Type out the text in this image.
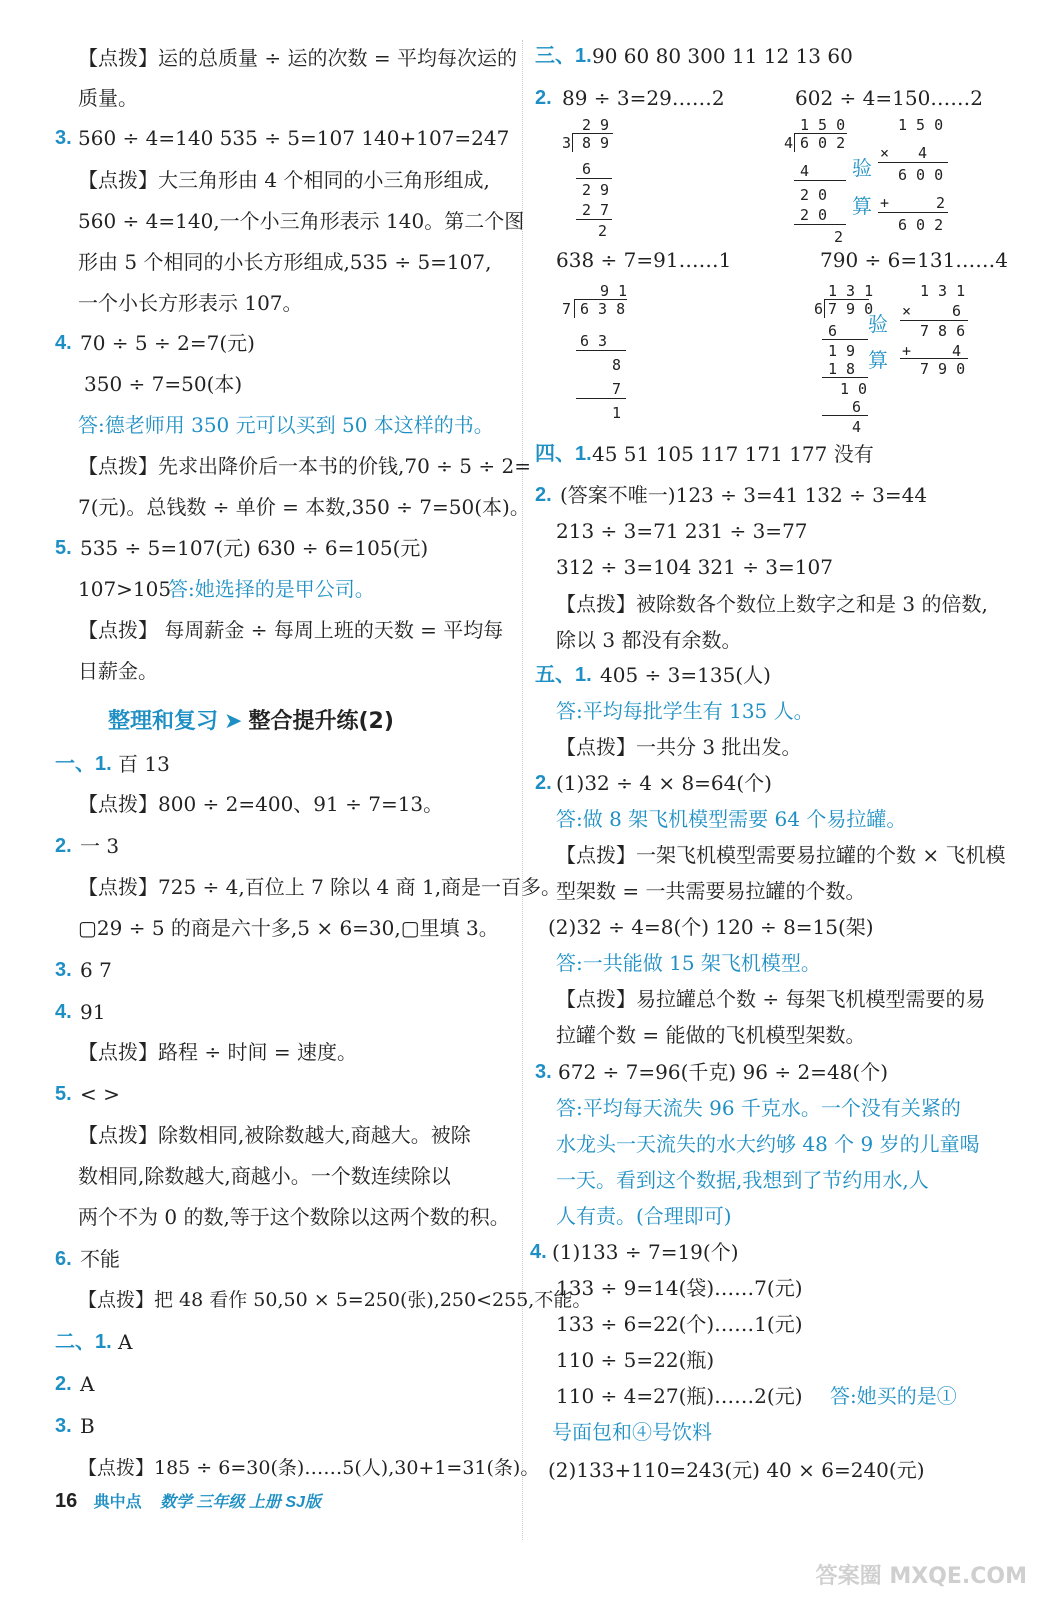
【点拨】运的总质量 ÷ 运的次数 = 平均每次运的
质量。
3. 560 ÷ 4=140 535 ÷ 5=107 140+107=247
【点拨】大三角形由 4 个相同的小三角形组成,
560 ÷ 4=140,一个小三角形表示 140。第二个图
形由 5 个相同的小长方形组成,535 ÷ 5=107,
一个小长方形表示 107。
4. 70 ÷ 5 ÷ 2=7(元)
350 ÷ 7=50(本)
答:德老师用 350 元可以买到 50 本这样的书。
【点拨】先求出降价后一本书的价钱,70 ÷ 5 ÷ 2=
7(元)。总钱数 ÷ 单价 = 本数,350 ÷ 7=50(本)。
5. 535 ÷ 5=107(元) 630 ÷ 6=105(元)
107>105
答:她选择的是甲公司。
【点拨】 每周薪金 ÷ 每周上班的天数 = 平均每
日薪金。
整理和复习 ➤ 整合提升练(2)
一、1. 百 13
【点拨】800 ÷ 2=400、91 ÷ 7=13。
2. 一 3
【点拨】725 ÷ 4,百位上 7 除以 4 商 1,商是一百多。
▢29 ÷ 5 的商是六十多,5 × 6=30,▢里填 3。
3. 6 7
4. 91
【点拨】路程 ÷ 时间 = 速度。
5. < >
【点拨】除数相同,被除数越大,商越大。被除
数相同,除数越大,商越小。一个数连续除以
两个不为 0 的数,等于这个数除以这两个数的积。
6. 不能
【点拨】把 48 看作 50,50 × 5=250(张),250<255,不能。
二、1. A
2. A
3. B
【点拨】185 ÷ 6=30(条)……5(人),30+1=31(条)。
三、1. 90 60 80 300 11 12 13 60
2. 89 ÷ 3=29……2	602 ÷ 4=150……2
2 9
3 8 9
6
2 9
2 7
2
1 5 0
4 6 0 2
4
2 0
2 0
2
验
算
1 5 0
× 4
6 0 0
+	2
6 0 2
638 ÷ 7=91……1	790 ÷ 6=131……4
9 1
7 6 3 8
6 3
8
7
1
1 3 1
6 7 9 0
6
1 9
1 8
1 0
6
4
验
算
1 3 1
×	6
7 8 6
+	4
7 9 0
四、1. 45 51 105 117 171 177 没有
2. (答案不唯一)123 ÷ 3=41 132 ÷ 3=44
213 ÷ 3=71 231 ÷ 3=77
312 ÷ 3=104 321 ÷ 3=107
【点拨】被除数各个数位上数字之和是 3 的倍数,
除以 3 都没有余数。
五、1. 405 ÷ 3=135(人)
答:平均每批学生有 135 人。
【点拨】一共分 3 批出发。
2. (1)32 ÷ 4 × 8=64(个)
答:做 8 架飞机模型需要 64 个易拉罐。
【点拨】一架飞机模型需要易拉罐的个数 × 飞机模
型架数 = 一共需要易拉罐的个数。
(2)32 ÷ 4=8(个) 120 ÷ 8=15(架)
答:一共能做 15 架飞机模型。
【点拨】易拉罐总个数 ÷ 每架飞机模型需要的易
拉罐个数 = 能做的飞机模型架数。
3. 672 ÷ 7=96(千克) 96 ÷ 2=48(个)
答:平均每天流失 96 千克水。一个没有关紧的
水龙头一天流失的水大约够 48 个 9 岁的儿童喝
一天。看到这个数据,我想到了节约用水,人
人有责。(合理即可)
4. (1)133 ÷ 7=19(个)
133 ÷ 9=14(袋)……7(元)
133 ÷ 6=22(个)……1(元)
110 ÷ 5=22(瓶)
110 ÷ 4=27(瓶)……2(元) 答:她买的是①
号面包和④号饮料
(2)133+110=243(元) 40 × 6=240(元)
16 典中点 数学 三年级 上册 SJ版
答案圈 MXQE.COM
